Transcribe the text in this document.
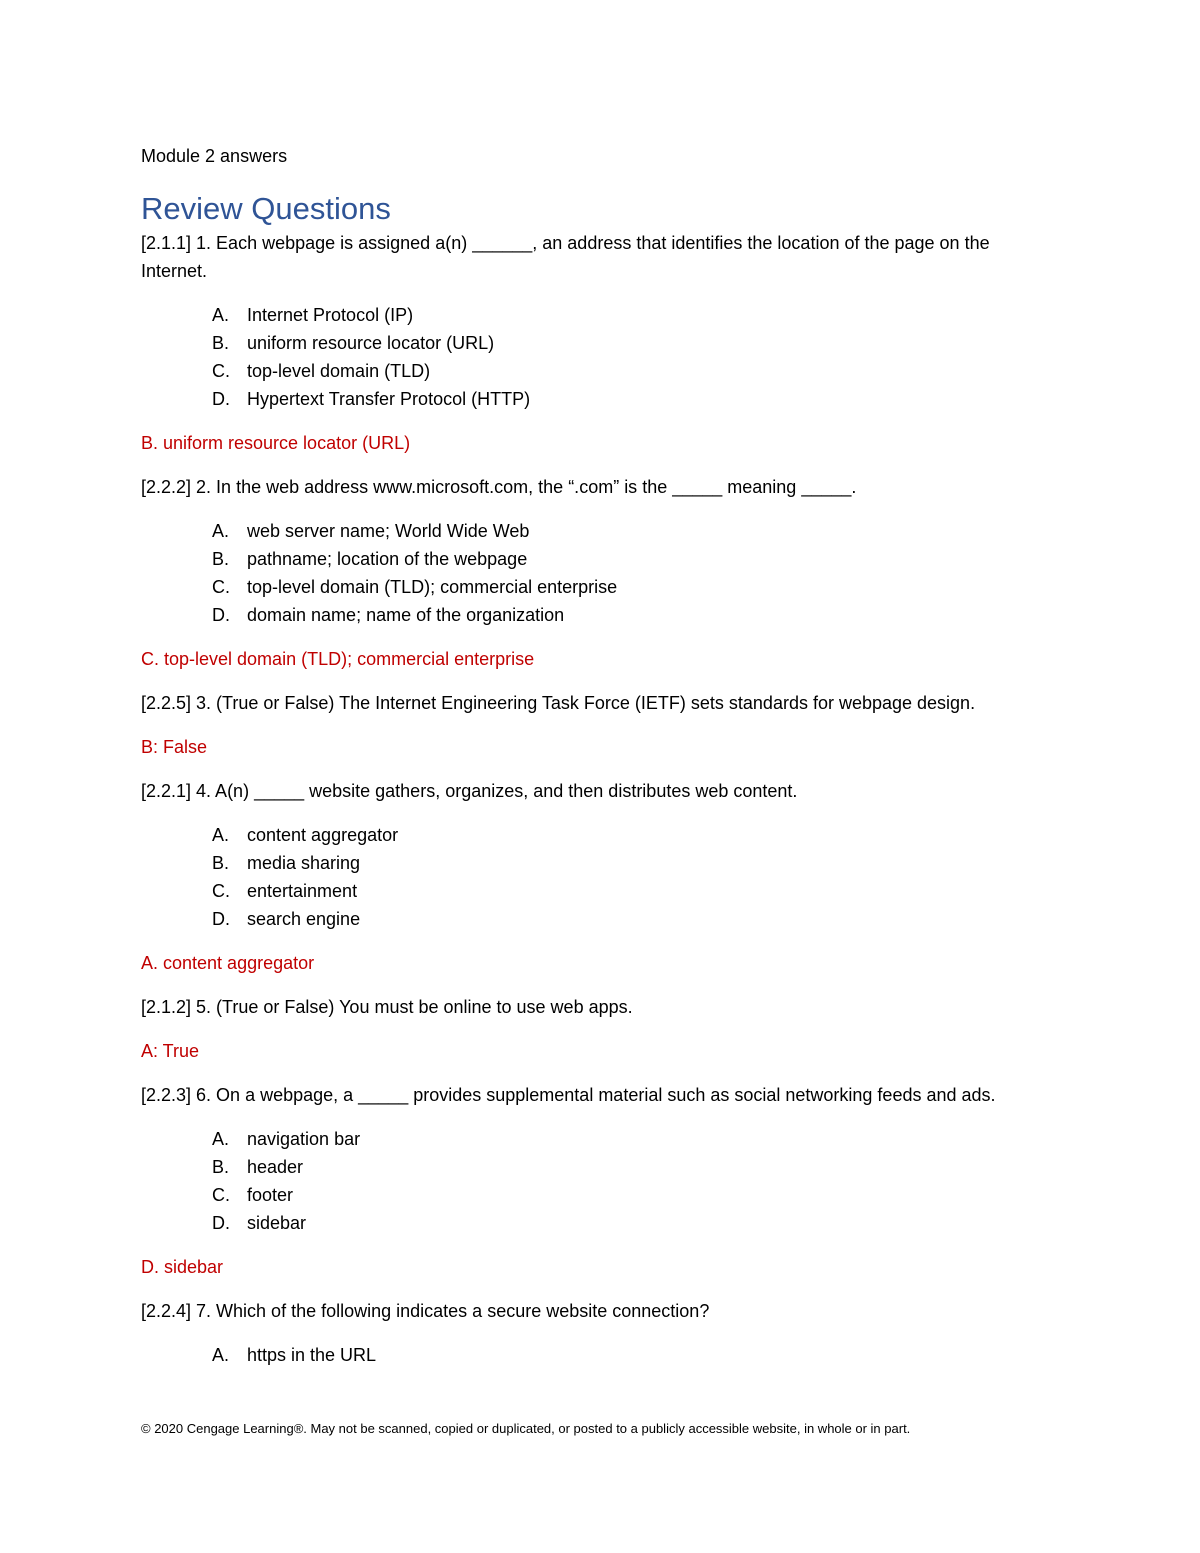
Module 2 answers

Review Questions

[2.1.1] 1. Each webpage is assigned a(n) ______, an address that identifies the location of the page on the Internet.

A. Internet Protocol (IP)
B. uniform resource locator (URL)
C. top-level domain (TLD)
D. Hypertext Transfer Protocol (HTTP)

B. uniform resource locator (URL)

[2.2.2] 2. In the web address www.microsoft.com, the “.com” is the _____ meaning _____.

A. web server name; World Wide Web
B. pathname; location of the webpage
C. top-level domain (TLD); commercial enterprise
D. domain name; name of the organization

C. top-level domain (TLD); commercial enterprise

[2.2.5] 3. (True or False) The Internet Engineering Task Force (IETF) sets standards for webpage design.

B: False

[2.2.1] 4. A(n) _____ website gathers, organizes, and then distributes web content.

A. content aggregator
B. media sharing
C. entertainment
D. search engine

A. content aggregator

[2.1.2] 5. (True or False) You must be online to use web apps.

A: True

[2.2.3] 6. On a webpage, a _____ provides supplemental material such as social networking feeds and ads.

A. navigation bar
B. header
C. footer
D. sidebar

D. sidebar

[2.2.4] 7. Which of the following indicates a secure website connection?

A. https in the URL
© 2020 Cengage Learning®. May not be scanned, copied or duplicated, or posted to a publicly accessible website, in whole or in part.
